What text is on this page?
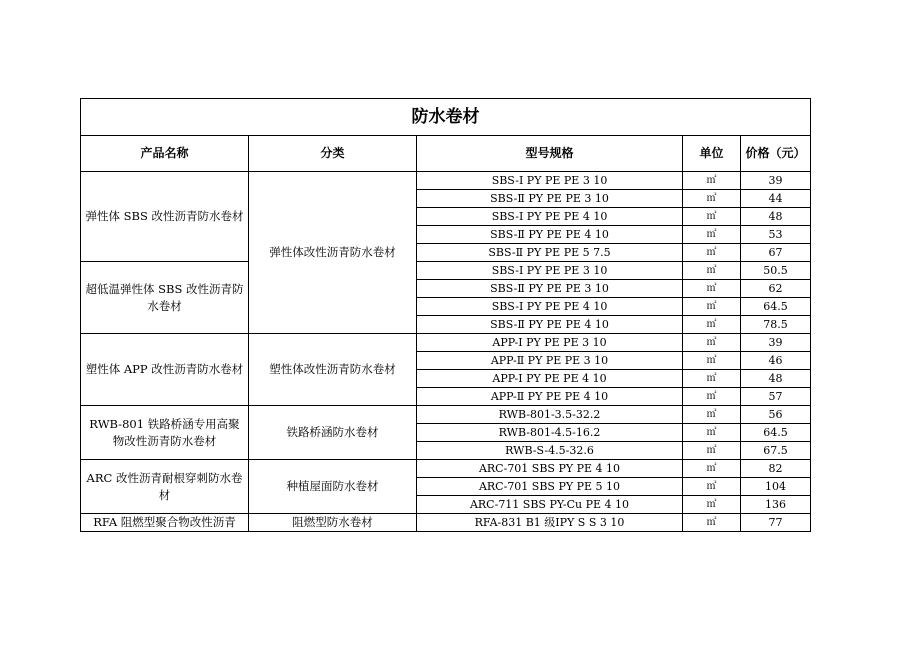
防水卷材				
产品名称	分类	型号规格	单位	价格（元）
弹性体 SBS 改性沥青防水卷材	弹性体改性沥青防水卷材	SBS-I PY PE PE 3 10	㎡	39
		SBS-Ⅱ PY PE PE 3 10	㎡	44
		SBS-Ⅰ PY PE PE 4 10	㎡	48
		SBS-Ⅱ PY PE PE 4 10	㎡	53
		SBS-Ⅱ PY PE PE 5 7.5	㎡	67
超低温弹性体 SBS 改性沥青防水卷材		SBS-Ⅰ PY PE PE 3 10	㎡	50.5
		SBS-Ⅱ PY PE PE 3 10	㎡	62
		SBS-Ⅰ PY PE PE 4 10	㎡	64.5
		SBS-Ⅱ PY PE PE 4 10	㎡	78.5
塑性体 APP 改性沥青防水卷材	塑性体改性沥青防水卷材	APP-Ⅰ PY PE PE 3 10	㎡	39
		APP-Ⅱ PY PE PE 3 10	㎡	46
		APP-Ⅰ PY PE PE 4 10	㎡	48
		APP-Ⅱ PY PE PE 4 10	㎡	57
RWB-801 铁路桥涵专用高聚物改性沥青防水卷材	铁路桥涵防水卷材	RWB-801-3.5-32.2	㎡	56
		RWB-801-4.5-16.2	㎡	64.5
		RWB-S-4.5-32.6	㎡	67.5
ARC 改性沥青耐根穿刺防水卷材	种植屋面防水卷材	ARC-701 SBS PY PE 4 10	㎡	82
		ARC-701 SBS PY PE 5 10	㎡	104
		ARC-711 SBS PY-Cu PE 4 10	㎡	136
RFA 阻燃型聚合物改性沥青	阻燃型防水卷材	RFA-831 B1 级ⅠPY S S 3 10	㎡	77
